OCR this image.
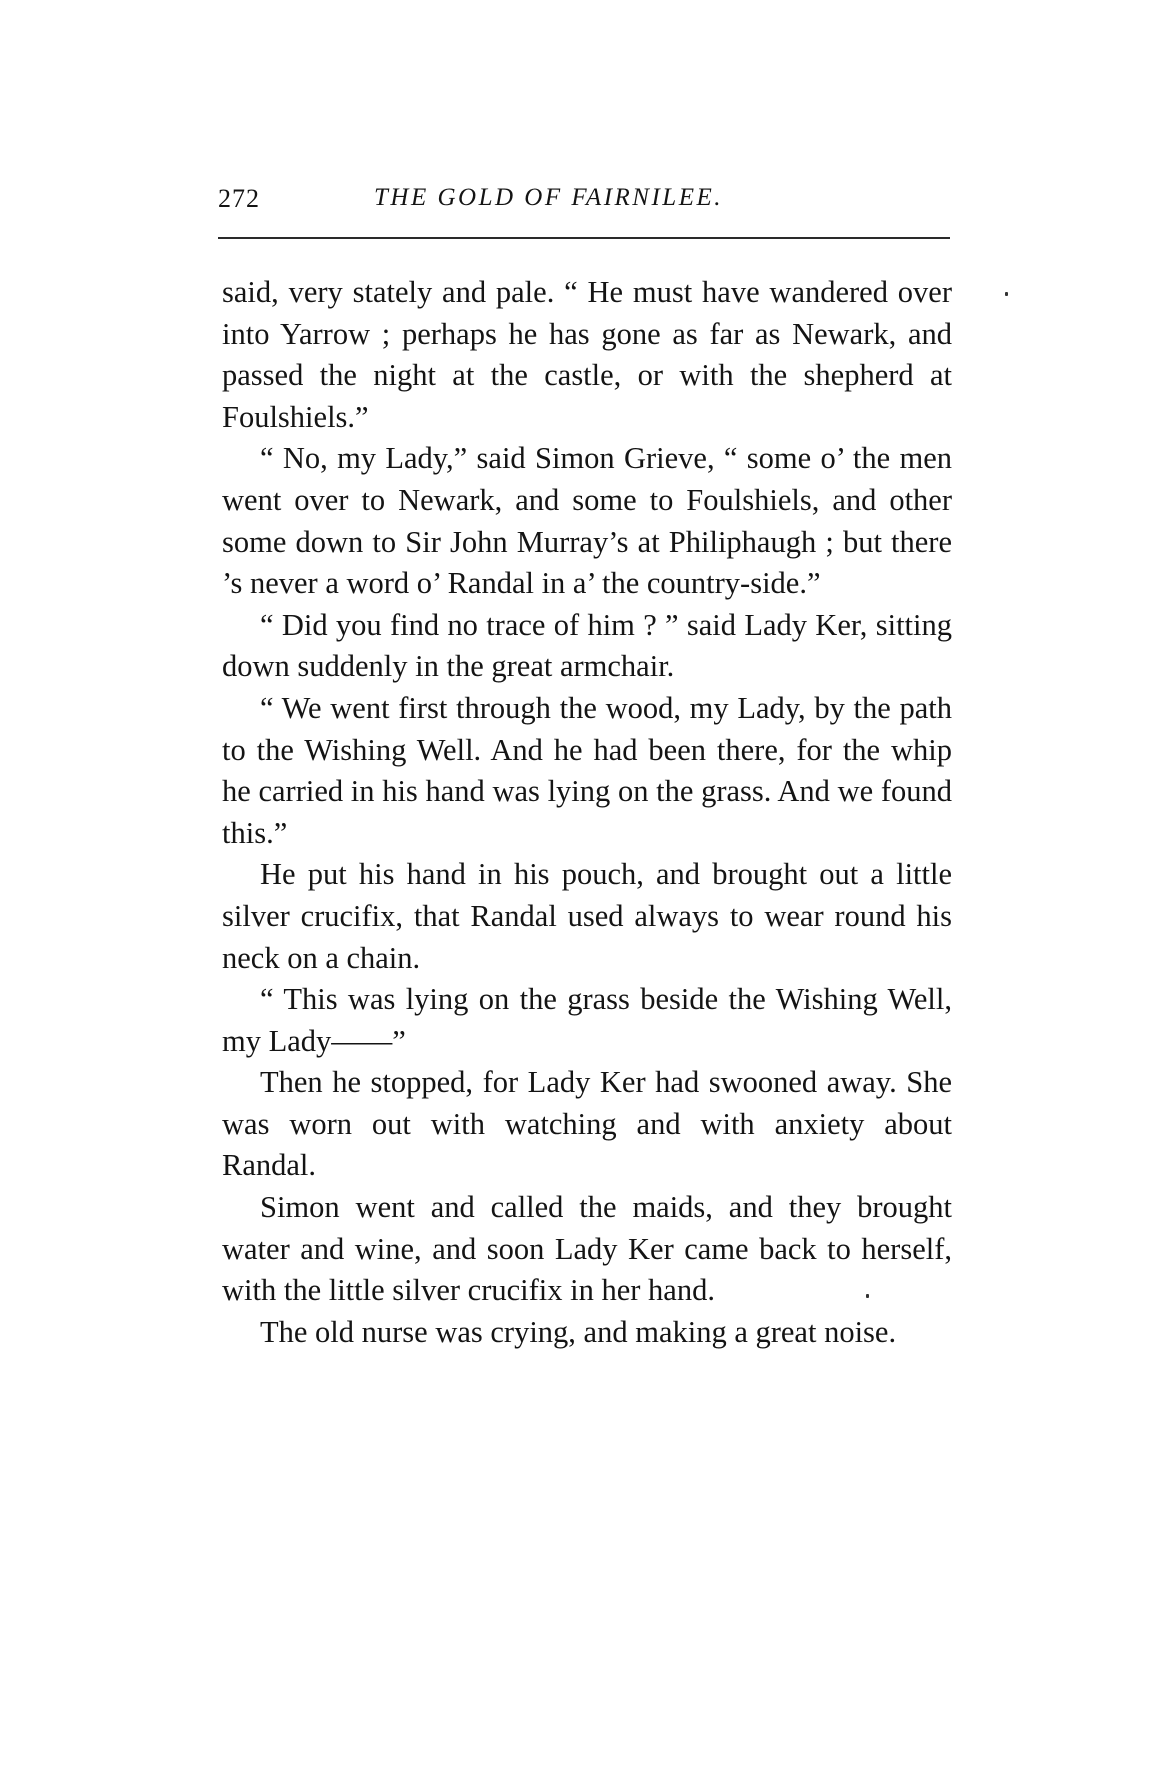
272	THE GOLD OF FAIRNILEE.

said, very stately and pale. “ He must have wandered over into Yarrow ; perhaps he has gone as far as Newark, and passed the night at the castle, or with the shepherd at Foulshiels.”

“ No, my Lady,” said Simon Grieve, “ some o’ the men went over to Newark, and some to Foulshiels, and other some down to Sir John Murray’s at Philiphaugh ; but there ’s never a word o’ Randal in a’ the country-side.”

“ Did you find no trace of him ? ” said Lady Ker, sitting down suddenly in the great armchair.

“ We went first through the wood, my Lady, by the path to the Wishing Well. And he had been there, for the whip he carried in his hand was lying on the grass. And we found this.”

He put his hand in his pouch, and brought out a little silver crucifix, that Randal used always to wear round his neck on a chain.

“ This was lying on the grass beside the Wishing Well, my Lady——”

Then he stopped, for Lady Ker had swooned away. She was worn out with watching and with anxiety about Randal.

Simon went and called the maids, and they brought water and wine, and soon Lady Ker came back to herself, with the little silver crucifix in her hand.

The old nurse was crying, and making a great noise.
